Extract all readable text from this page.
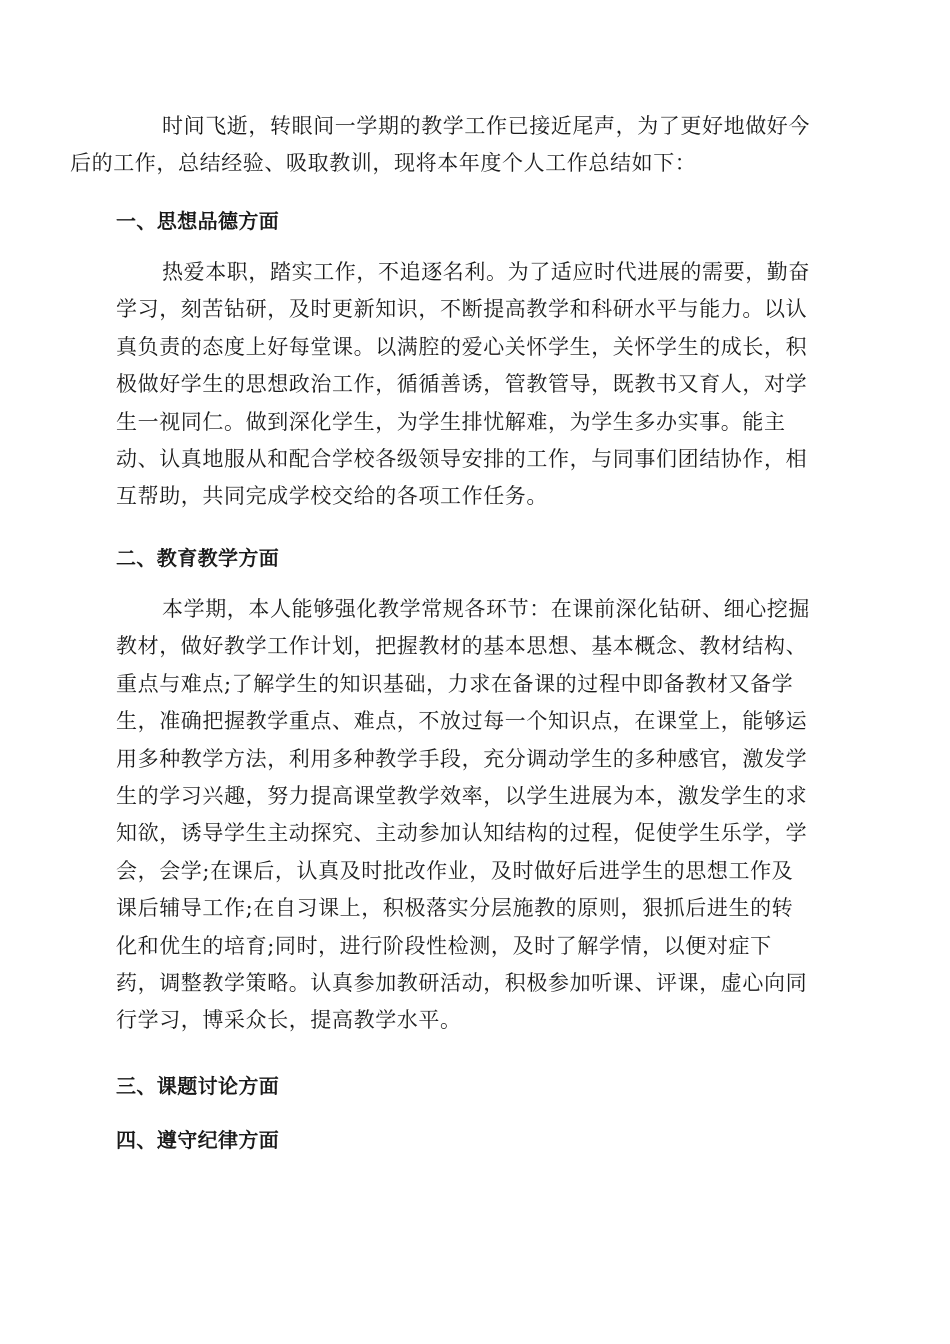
时间飞逝，转眼间一学期的教学工作已接近尾声，为了更好地做好今
后的工作，总结经验、吸取教训，现将本年度个人工作总结如下：

一、思想品德方面

热爱本职，踏实工作，不追逐名利。为了适应时代进展的需要，勤奋
学习，刻苦钻研，及时更新知识，不断提高教学和科研水平与能力。以认
真负责的态度上好每堂课。以满腔的爱心关怀学生，关怀学生的成长，积
极做好学生的思想政治工作，循循善诱，管教管导，既教书又育人，对学
生一视同仁。做到深化学生，为学生排忧解难，为学生多办实事。能主
动、认真地服从和配合学校各级领导安排的工作，与同事们团结协作，相
互帮助，共同完成学校交给的各项工作任务。

二、教育教学方面

本学期，本人能够强化教学常规各环节：在课前深化钻研、细心挖掘
教材，做好教学工作计划，把握教材的基本思想、基本概念、教材结构、
重点与难点;了解学生的知识基础，力求在备课的过程中即备教材又备学
生，准确把握教学重点、难点，不放过每一个知识点，在课堂上，能够运
用多种教学方法，利用多种教学手段，充分调动学生的多种感官，激发学
生的学习兴趣，努力提高课堂教学效率，以学生进展为本，激发学生的求
知欲，诱导学生主动探究、主动参加认知结构的过程，促使学生乐学，学
会，会学;在课后，认真及时批改作业，及时做好后进学生的思想工作及
课后辅导工作;在自习课上，积极落实分层施教的原则，狠抓后进生的转
化和优生的培育;同时，进行阶段性检测，及时了解学情，以便对症下
药，调整教学策略。认真参加教研活动，积极参加听课、评课，虚心向同
行学习，博采众长，提高教学水平。

三、课题讨论方面
四、遵守纪律方面
